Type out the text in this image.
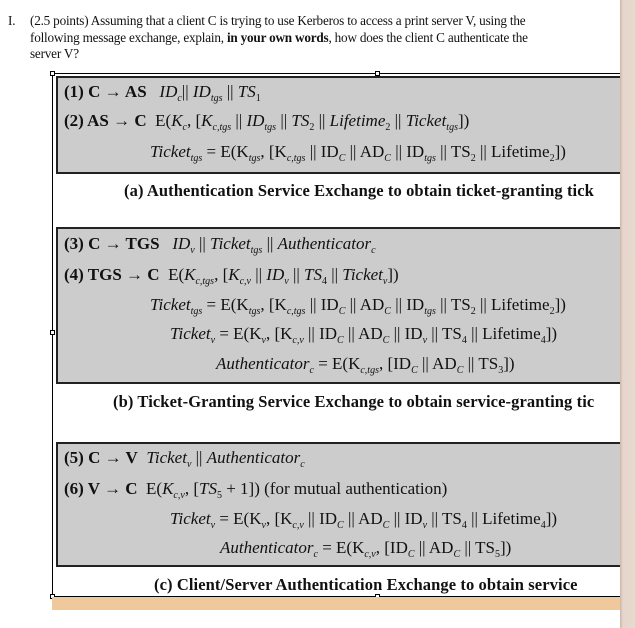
I. (2.5 points) Assuming that a client C is trying to use Kerberos to access a print server V, using the following message exchange, explain, in your own words, how does the client C authenticate the server V?
(1) C → AS $ID_c||$ $ID_{tgs}$ || $TS_1$
(2) AS → C  $E(K_c$, [$K_{c,tgs}$ || $ID_{tgs}$ || $TS_2$ || Lifetime$_2$ || Ticket$_{tgs}$])
Ticket$_{tgs}$ = $E(K_{tgs}$, [$K_{c,tgs}$ || $ID_C$ || $AD_C$ || $ID_{tgs}$ || $TS_2$ || Lifetime$_2$])
(a) Authentication Service Exchange to obtain ticket-granting tick
(3) C → TGS $ID_v$ || Ticket$_{tgs}$ || Authenticator$_c$
(4) TGS → C  $E(K_{c,tgs}$, [$K_{c,v}$ || $ID_v$ || $TS_4$ || Ticket$_v$])
Ticket$_{tgs}$ = $E(K_{tgs}$, [$K_{c,tgs}$ || $ID_C$ || $AD_C$ || $ID_{tgs}$ || $TS_2$ || Lifetime$_2$])
Ticket$_v$ = $E(K_v$, [$K_{c,v}$ || $ID_C$ || $AD_C$ || $ID_v$ || $TS_4$ || Lifetime$_4$])
Authenticator$_c$ = $E(K_{c,tgs}$, [$ID_C$ || $AD_C$ || $TS_3$])
(b) Ticket-Granting Service Exchange to obtain service-granting tic
(5) C → V Ticket$_v$ || Authenticator$_c$
(6) V → C  $E(K_{c,v}$, $[TS_5 + 1]$) (for mutual authentication)
Ticket$_v$ = $E(K_v$, [$K_{c,v}$ || $ID_C$ || $AD_C$ || $ID_v$ || $TS_4$ || Lifetime$_4$])
Authenticator$_c$ = $E(K_{c,v}$, [$ID_C$ || $AD_C$ || $TS_5$])
(c) Client/Server Authentication Exchange to obtain service
